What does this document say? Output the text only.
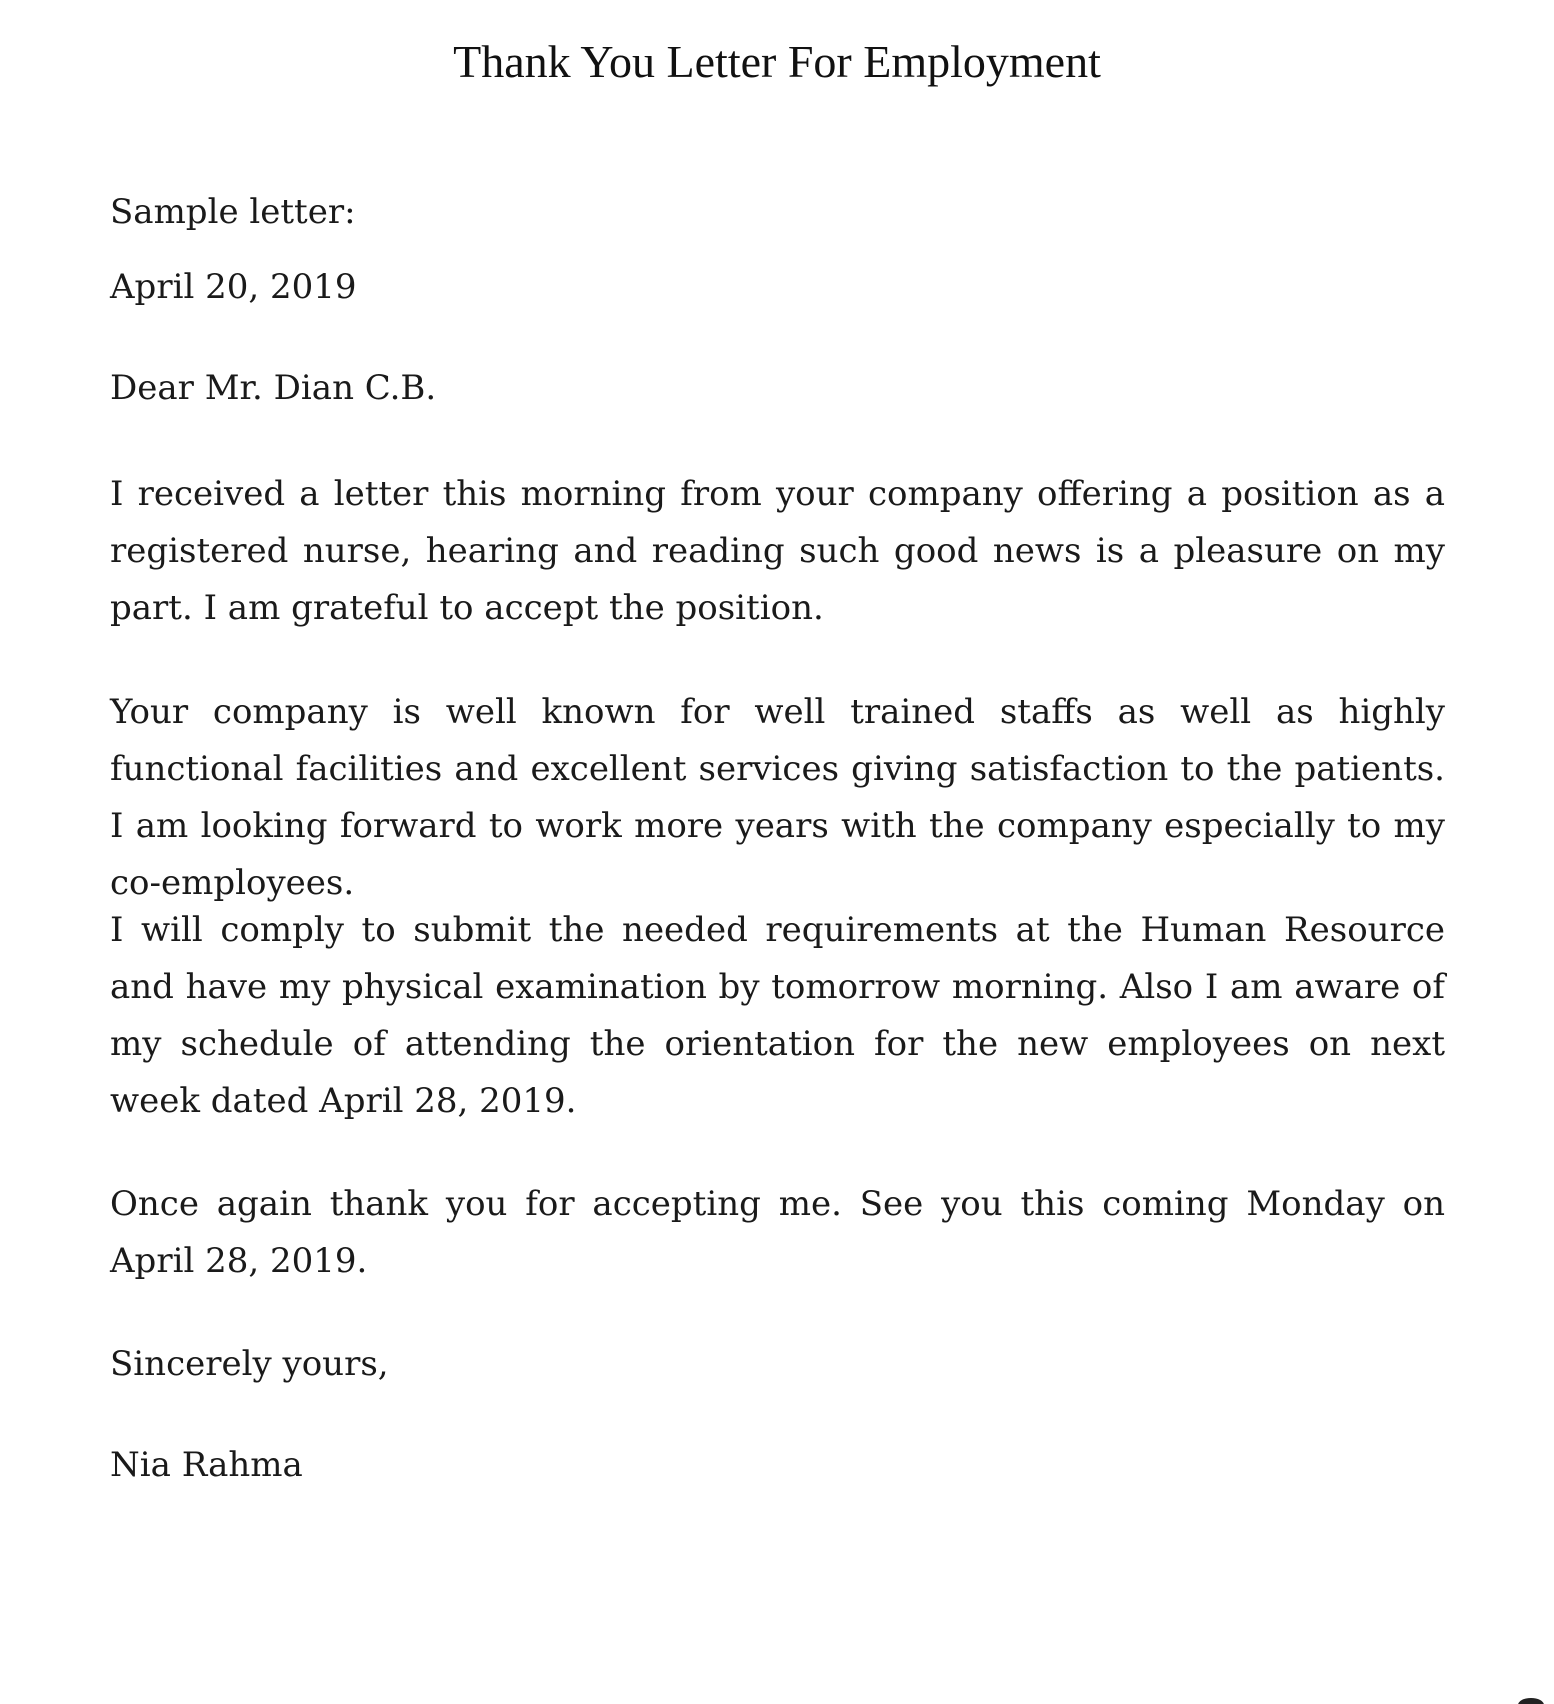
Thank You Letter For Employment

Sample letter:

April 20, 2019

Dear Mr. Dian C.B.

I received a letter this morning from your company offering a position as a registered nurse, hearing and reading such good news is a pleasure on my part. I am grateful to accept the position.

Your company is well known for well trained staffs as well as highly functional facilities and excellent services giving satisfaction to the patients. I am looking forward to work more years with the company especially to my co-employees.

I will comply to submit the needed requirements at the Human Resource and have my physical examination by tomorrow morning. Also I am aware of my schedule of attending the orientation for the new employees on next week dated April 28, 2019.

Once again thank you for accepting me. See you this coming Monday on April 28, 2019.

Sincerely yours,

Nia Rahma
